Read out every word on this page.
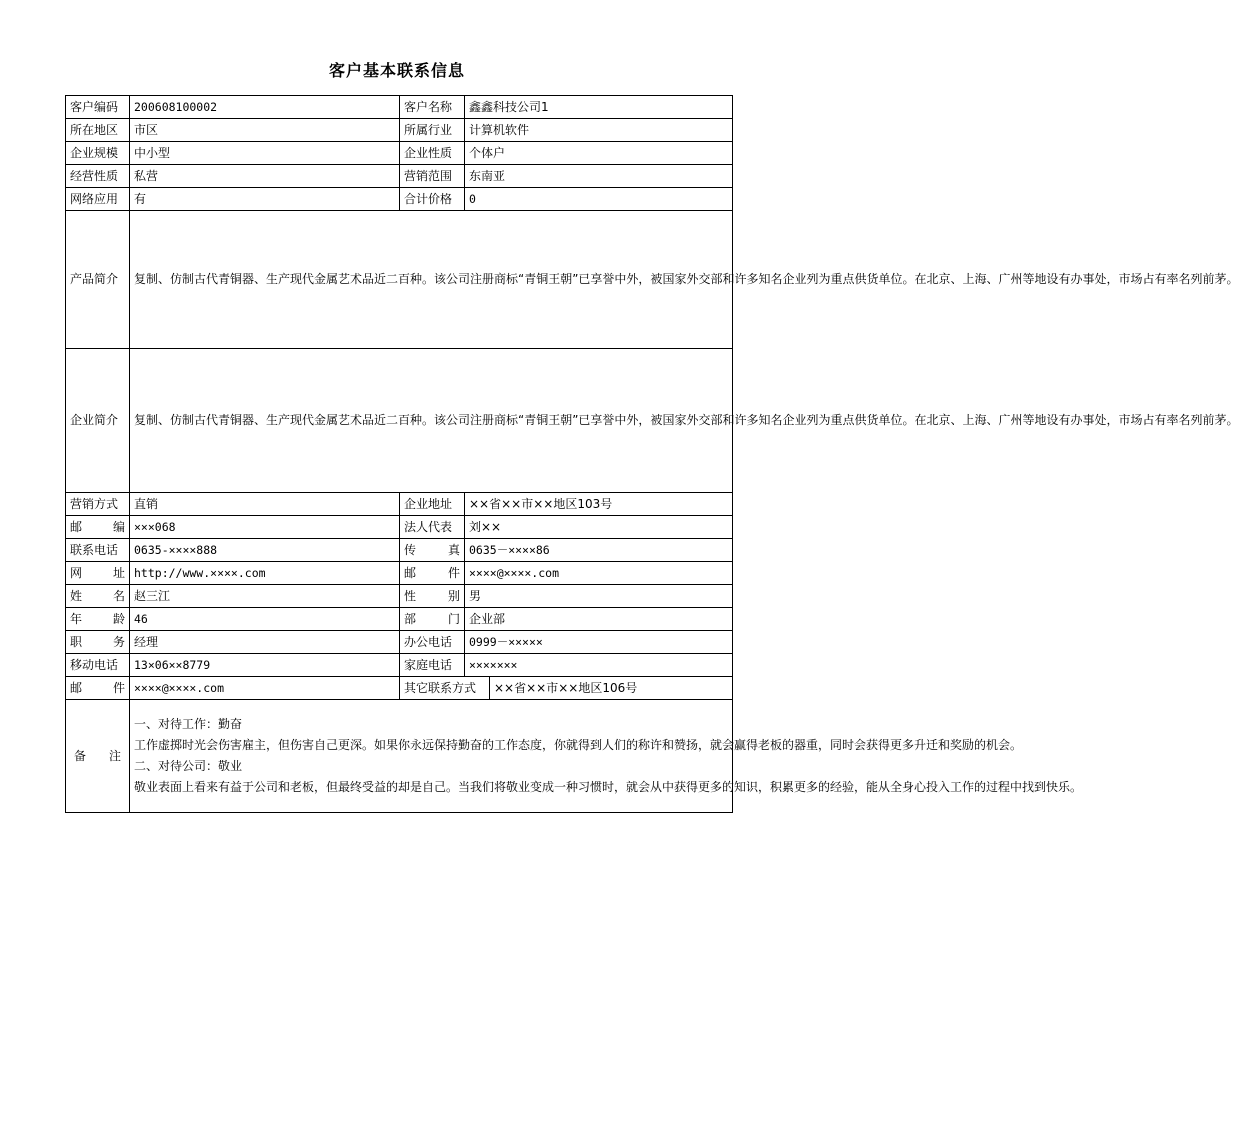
客户基本联系信息
客户编码	200608100002	客户名称	鑫鑫科技公司1	
所在地区	市区	所属行业	计算机软件	
企业规模	中小型	企业性质	个体户	
经营性质	私营	营销范围	东南亚	
网络应用	有	合计价格	0	
产品简介	复制、仿制古代青铜器、生产现代金属艺术品近二百种。该公司注册商标“青铜王朝”已享誉中外，被国家外交部和许多知名企业列为重点供货单位。在北京、上海、广州等地设有办事处，市场占有率名列前茅。			
企业简介	复制、仿制古代青铜器、生产现代金属艺术品近二百种。该公司注册商标“青铜王朝”已享誉中外，被国家外交部和许多知名企业列为重点供货单位。在北京、上海、广州等地设有办事处，市场占有率名列前茅。			
营销方式	直销	企业地址	××省××市××地区103号	
邮编	×××068	法人代表	刘××	
联系电话	0635-××××888	传真	0635－××××86	
网址	http://www.××××.com	邮件	××××@××××.com	
姓名	赵三江	性别	男	
年龄	46	部门	企业部	
职务	经理	办公电话	0999－×××××	
移动电话	13×06××8779	家庭电话	×××××××	
邮件	××××@××××.com	其它联系方式		××省××市××地区106号
备注	一、对待工作：勤奋

工作虚掷时光会伤害雇主，但伤害自己更深。如果你永远保持勤奋的工作态度，你就得到人们的称许和赞扬，就会赢得老板的器重，同时会获得更多升迁和奖励的机会。

二、对待公司：敬业

敬业表面上看来有益于公司和老板，但最终受益的却是自己。当我们将敬业变成一种习惯时，就会从中获得更多的知识，积累更多的经验，能从全身心投入工作的过程中找到快乐。			
